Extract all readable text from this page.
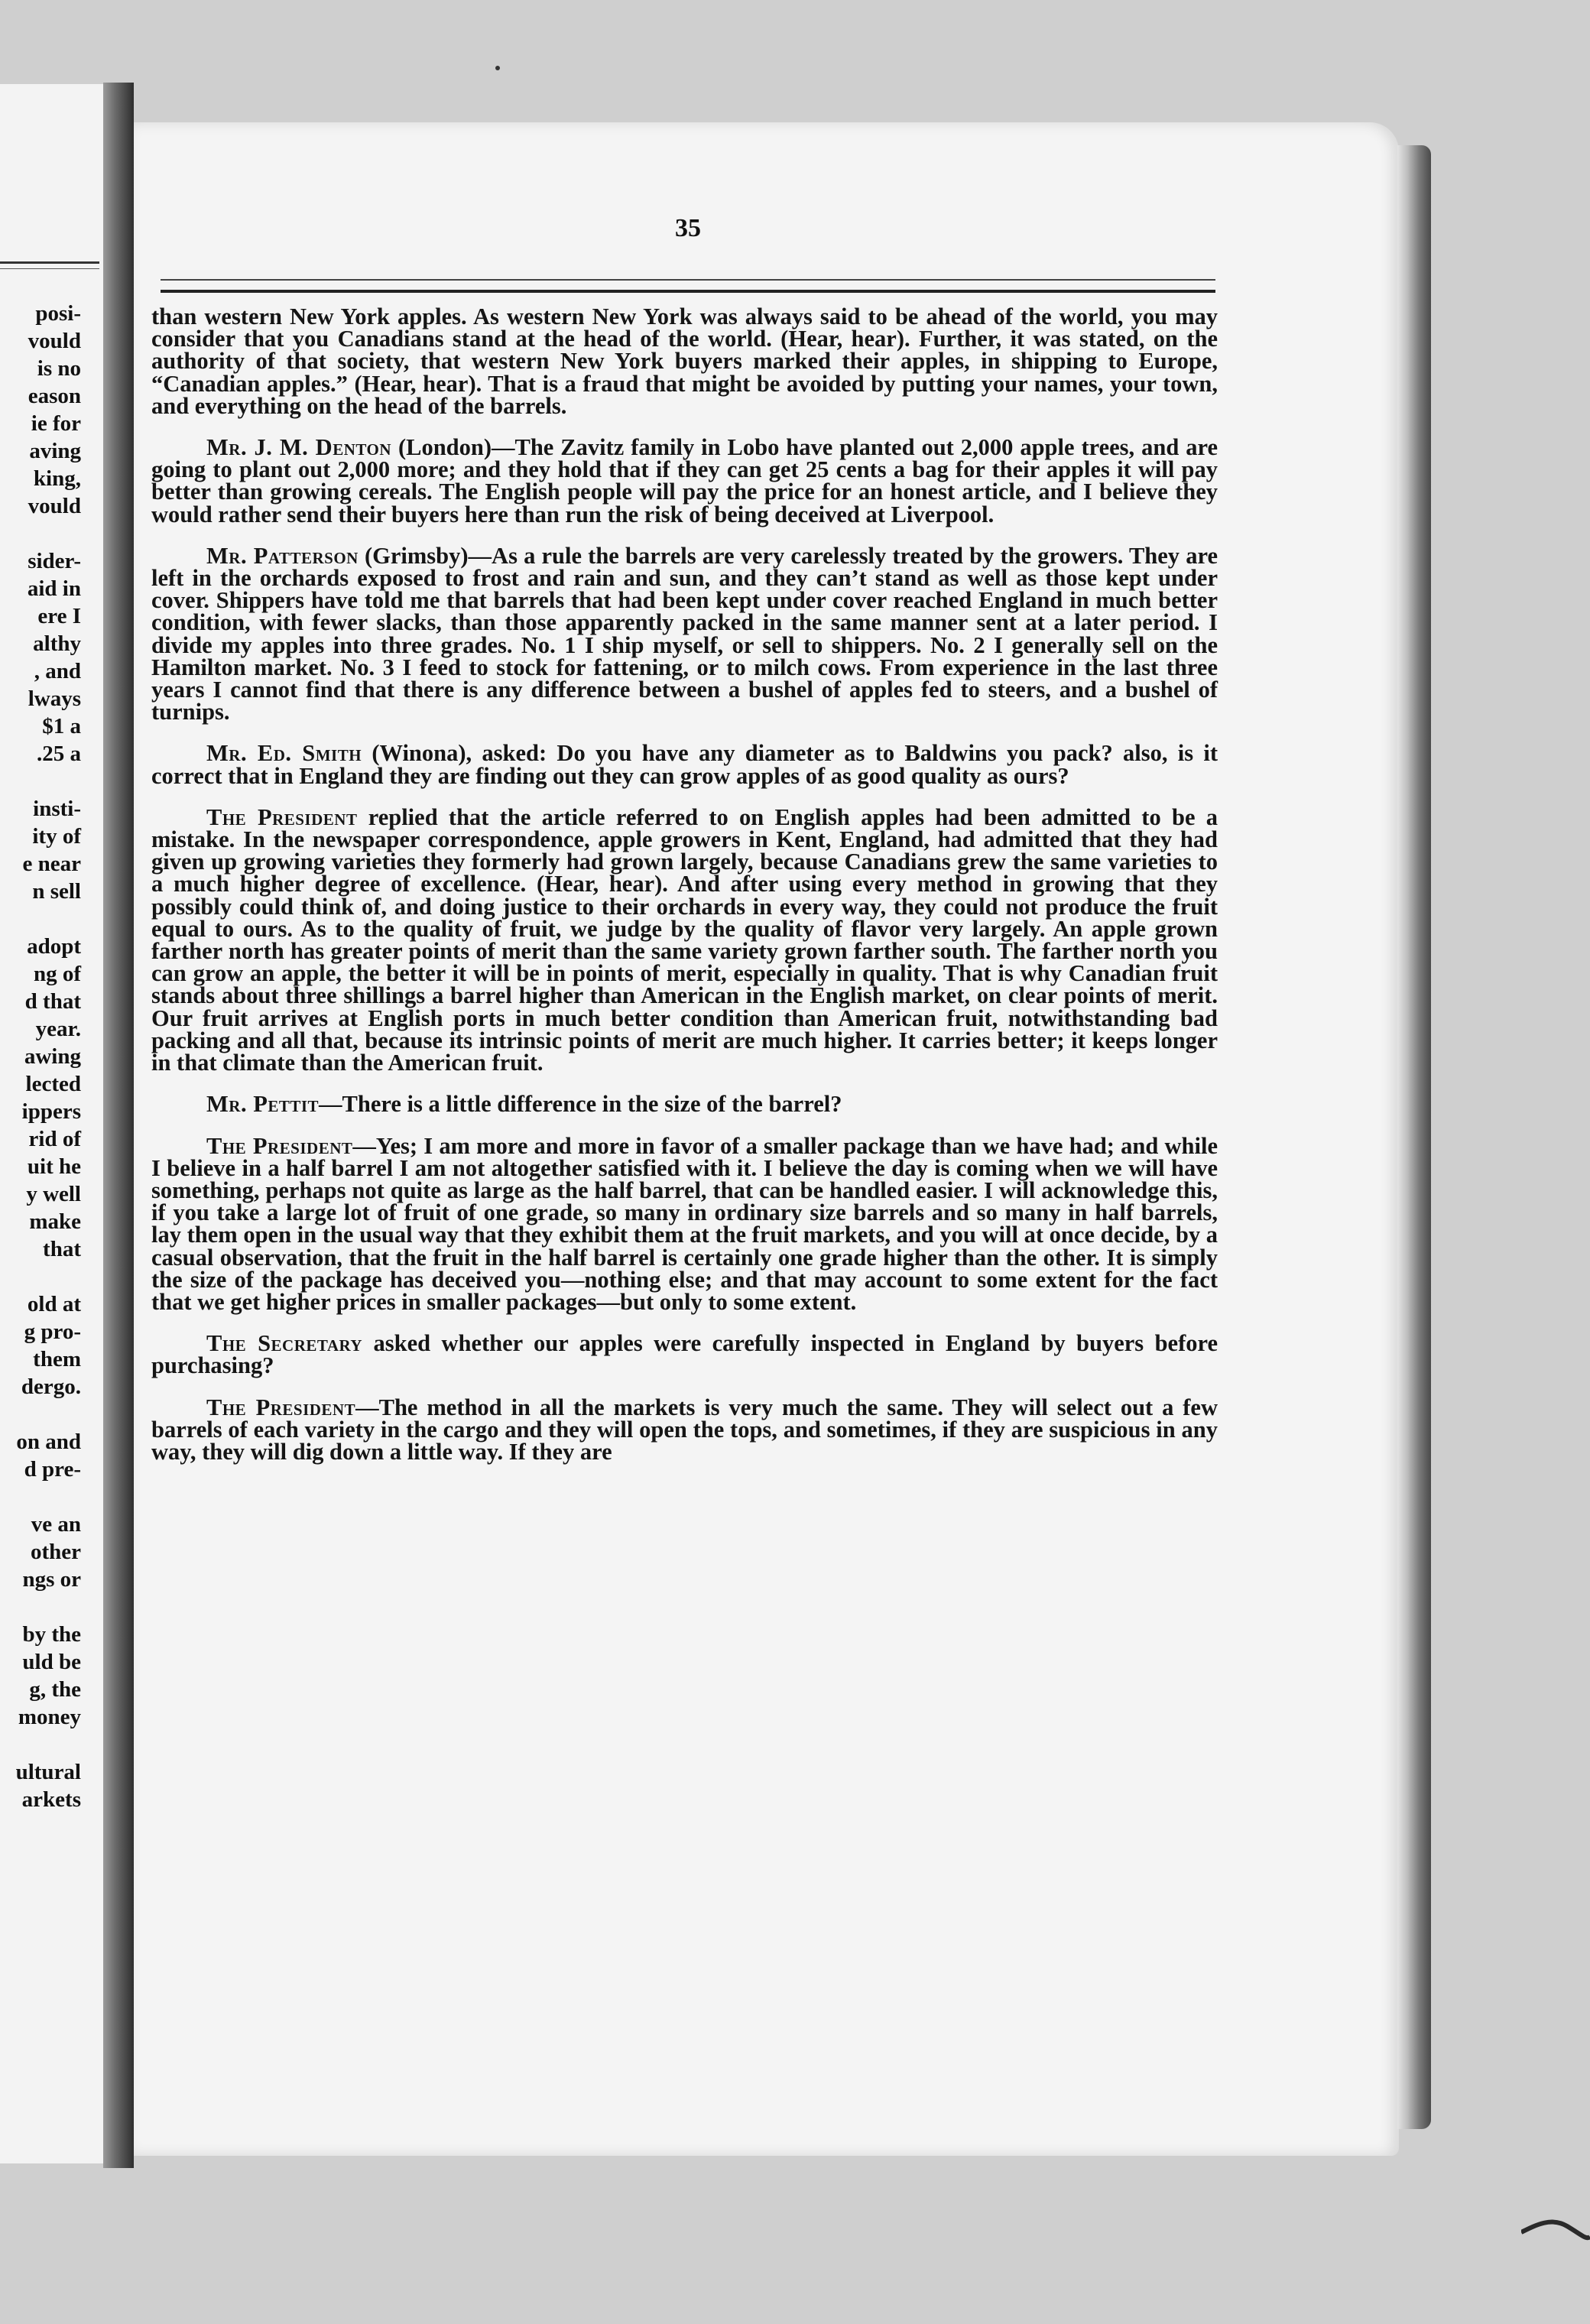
posi-
vould
is no
eason
ie for
aving
king,
vould
sider-
aid in
ere I
althy
, and
lways
$1 a
.25 a
insti-
ity of
e near
n sell
adopt
ng of
d that
year.
awing
lected
ippers
rid of
uit he
y well
make
that
old at
g pro-
them
dergo.
on and
d pre-
ve an
other
ngs or
by the
uld be
g, the
money
ultural
arkets
35

than western New York apples. As western New York was always said to be ahead of the world, you may consider that you Canadians stand at the head of the world. (Hear, hear). Further, it was stated, on the authority of that society, that western New York buyers marked their apples, in shipping to Europe, “Canadian apples.” (Hear, hear). That is a fraud that might be avoided by putting your names, your town, and everything on the head of the barrels.

Mr. J. M. Denton (London)—The Zavitz family in Lobo have planted out 2,000 apple trees, and are going to plant out 2,000 more; and they hold that if they can get 25 cents a bag for their apples it will pay better than growing cereals. The English people will pay the price for an honest article, and I believe they would rather send their buyers here than run the risk of being deceived at Liverpool.

Mr. Patterson (Grimsby)—As a rule the barrels are very carelessly treated by the growers. They are left in the orchards exposed to frost and rain and sun, and they can’t stand as well as those kept under cover. Shippers have told me that barrels that had been kept under cover reached England in much better condition, with fewer slacks, than those apparently packed in the same manner sent at a later period. I divide my apples into three grades. No. 1 I ship myself, or sell to shippers. No. 2 I generally sell on the Hamilton market. No. 3 I feed to stock for fattening, or to milch cows. From experience in the last three years I cannot find that there is any difference between a bushel of apples fed to steers, and a bushel of turnips.

Mr. Ed. Smith (Winona), asked: Do you have any diameter as to Baldwins you pack? also, is it correct that in England they are finding out they can grow apples of as good quality as ours?

The President replied that the article referred to on English apples had been admitted to be a mistake. In the newspaper correspondence, apple growers in Kent, England, had admitted that they had given up growing varieties they formerly had grown largely, because Canadians grew the same varieties to a much higher degree of excellence. (Hear, hear). And after using every method in growing that they possibly could think of, and doing justice to their orchards in every way, they could not produce the fruit equal to ours. As to the quality of fruit, we judge by the quality of flavor very largely. An apple grown farther north has greater points of merit than the same variety grown farther south. The farther north you can grow an apple, the better it will be in points of merit, especially in quality. That is why Canadian fruit stands about three shillings a barrel higher than American in the English market, on clear points of merit. Our fruit arrives at English ports in much better condition than American fruit, notwithstanding bad packing and all that, because its intrinsic points of merit are much higher. It carries better; it keeps longer in that climate than the American fruit.

Mr. Pettit—There is a little difference in the size of the barrel?

The President—Yes; I am more and more in favor of a smaller package than we have had; and while I believe in a half barrel I am not altogether satisfied with it. I believe the day is coming when we will have something, perhaps not quite as large as the half barrel, that can be handled easier. I will acknowledge this, if you take a large lot of fruit of one grade, so many in ordinary size barrels and so many in half barrels, lay them open in the usual way that they exhibit them at the fruit markets, and you will at once decide, by a casual observation, that the fruit in the half barrel is certainly one grade higher than the other. It is simply the size of the package has deceived you—nothing else; and that may account to some extent for the fact that we get higher prices in smaller packages—but only to some extent.

The Secretary asked whether our apples were carefully inspected in England by buyers before purchasing?

The President—The method in all the markets is very much the same. They will select out a few barrels of each variety in the cargo and they will open the tops, and sometimes, if they are suspicious in any way, they will dig down a little way. If they are
